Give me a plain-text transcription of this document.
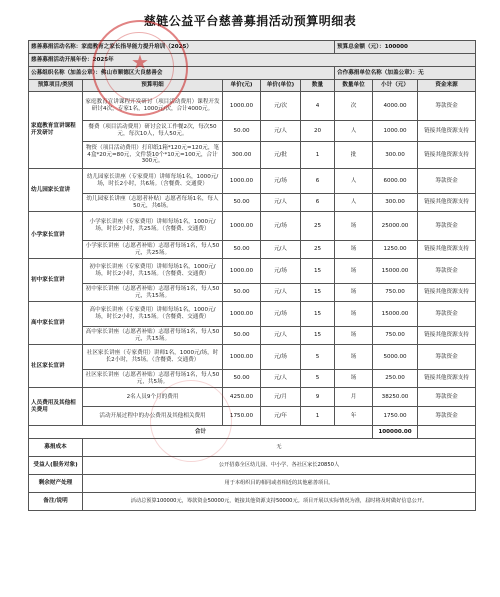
慈链公益平台慈善募捐活动预算明细表
慈善募捐活动名称：家庭教育之家长指导能力提升培训（2025）					预算总金额（元）：100000		
慈善募捐活动开展年份：2025年							
公募组织名称（加盖公章）：佛山市顺德区大良慈善会					合作募捐单位名称（加盖公章）：无		
预算项目/类别	预算明细	单价(元)	单价(单位)	数量	数量单位	小计（元）	资金来源
家庭教育宣讲课程开发研讨	家庭教育宣讲课程开发研讨（项目活动费用）课程开发研讨4次，专家1名，1000元/次，合计4000元。	1000.00	元/次	4	次	4000.00	筹款资金
	餐费（项目活动费用）研讨会议工作餐2次，每次50元，每次10人，每人50元。	50.00	元/人	20	人	1000.00	链接其他资源支持
	物资（项目活动费用）打印纸1箱*120元=120元，笔4盒*20元=80元，文件袋10个*10元=100元，合计300元。	300.00	元/批	1	批	300.00	链接其他资源支持
幼儿园家长宣讲	幼儿园家长讲座（专家费用）讲师每场1名，1000元/场，时长2小时，共6场。（含餐费、交通费）	1000.00	元/场	6	人	6000.00	筹款资金
	幼儿园家长讲座（志愿者补贴）志愿者每场1名，每人50元，共6场。	50.00	元/人	6	人	300.00	链接其他资源支持
小学家长宣讲	小学家长讲座（专家费用）讲师每场1名，1000元/场，时长2小时，共25场。（含餐费、交通费）	1000.00	元/场	25	场	25000.00	筹款资金
	小学家长讲座（志愿者补贴）志愿者每场1名，每人50元，共25场。	50.00	元/人	25	场	1250.00	链接其他资源支持
初中家长宣讲	初中家长讲座（专家费用）讲师每场1名，1000元/场，时长2小时，共15场。（含餐费、交通费）	1000.00	元/场	15	场	15000.00	筹款资金
	初中家长讲座（志愿者补贴）志愿者每场1名，每人50元，共15场。	50.00	元/人	15	场	750.00	链接其他资源支持
高中家长宣讲	高中家长讲座（专家费用）讲师每场1名，1000元/场，时长2小时，共15场。（含餐费、交通费）	1000.00	元/场	15	场	15000.00	筹款资金
	高中家长讲座（志愿者补贴）志愿者每场1名，每人50元，共15场。	50.00	元/人	15	场	750.00	链接其他资源支持
社区家长宣讲	社区家长讲座（专家费用）讲师1名，1000元/场，时长2小时，共5场。（含餐费、交通费）	1000.00	元/场	5	场	5000.00	筹款资金
	社区家长讲座（志愿者补贴）志愿者每场1名，每人50元，共5场。	50.00	元/人	5	场	250.00	链接其他资源支持
人员费用及其他相关费用	2名人员9个月的费用	4250.00	元/月	9	月	38250.00	筹款资金
	活动开展过程中的办公费用及其他相关费用	1750.00	元/年	1	年	1750.00	筹款资金
合计						100000.00	
募捐成本	无						
受益人(服务对象)	公开招募全区幼儿园、中小学、各社区家长20850人						
剩余财产处理	用于本组织目的相同或者相近的其他慈善项目。						
备注/说明	活动总预算100000元，筹款资金50000元，链接其他资源支持50000元。项目开展以实际情况为准，届时将及时做好信息公开。						
★
